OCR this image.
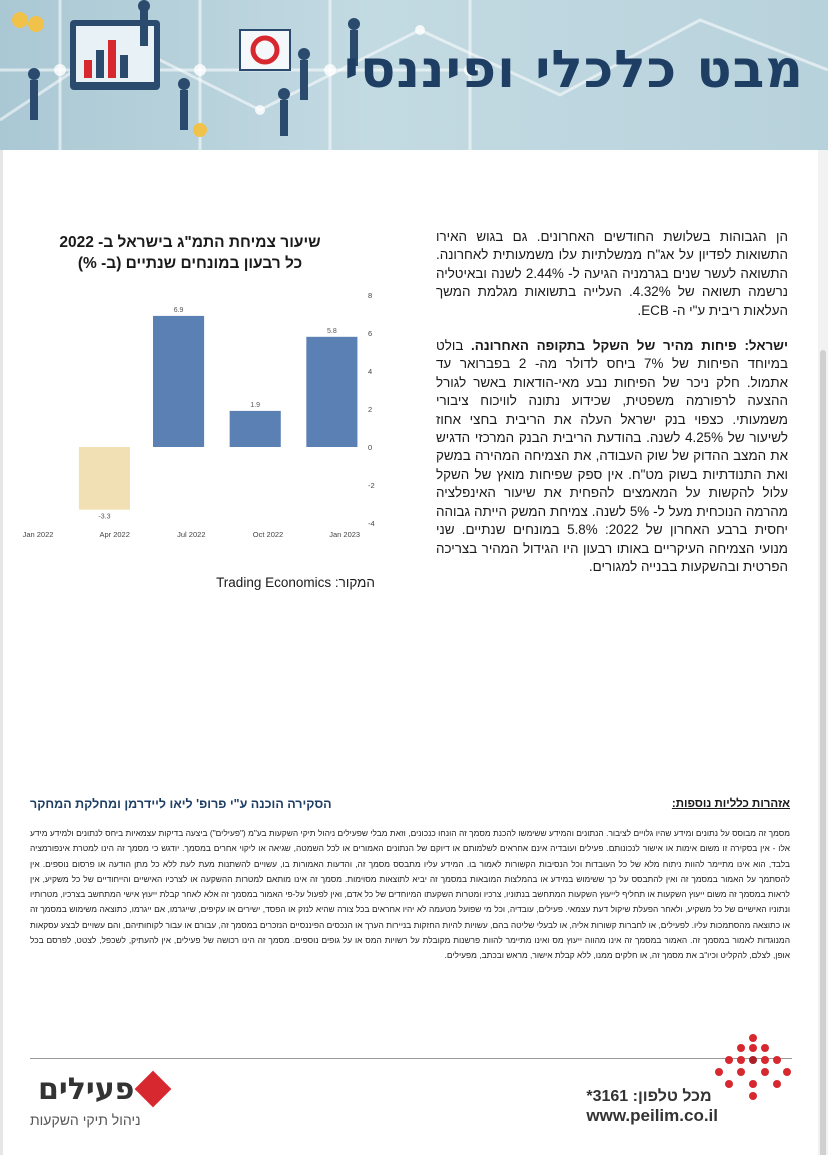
מבט כלכלי ופיננסי

הן הגבוהות בשלושת החודשים האחרונים. גם בגוש האירו התשואות לפדיון על אג"ח ממשלתיות עלו משמעותית לאחרונה. התשואה לעשר שנים בגרמניה הגיעה ל- 2.44% לשנה ובאיטליה נרשמה תשואה של 4.32%. העלייה בתשואות מגלמת המשך העלאות ריבית ע"י ה- ECB.

ישראל: פיחות מהיר של השקל בתקופה האחרונה. בולט במיוחד הפיחות של 7% ביחס לדולר מה- 2 בפברואר עד אתמול. חלק ניכר של הפיחות נבע מאי-הודאות באשר לגורל ההצעה לרפורמה משפטית, שכידוע נתונה לוויכוח ציבורי משמעותי. כצפוי בנק ישראל העלה את הריבית בחצי אחוז לשיעור של 4.25% לשנה. בהודעת הריבית הבנק המרכזי הדגיש את המצב ההדוק של שוק העבודה, את הצמיחה המהירה במשק ואת התנודתיות בשוק מט"ח. אין ספק שפיחות מואץ של השקל עלול להקשות על המאמצים להפחית את שיעור האינפלציה מהרמה הנוכחית מעל ל- 5% לשנה. צמיחת המשק הייתה גבוהה יחסית ברבע האחרון של 2022: 5.8% במונחים שנתיים. שני מנועי הצמיחה העיקריים באותו רבעון היו הגידול המהיר בצריכה הפרטית ובהשקעות בבנייה למגורים.

שיעור צמיחת התמ"ג בישראל ב- 2022
כל רבעון במונחים שנתיים (ב- %)
-3.3
6.9
1.9
5.8
8
6
4
2
0
-2
-4
Jan 2022	Apr 2022	Jul 2022	Oct 2022	Jan 2023
המקור: Trading Economics
אזהרות כלליות נוספות:
הסקירה הוכנה ע"י פרופ' ליאו ליידרמן ומחלקת המחקר
מסמך זה מבוסס על נתונים ומידע שהיו גלויים לציבור. הנתונים והמידע ששימשו להכנת מסמך זה הונחו כנכונים, וזאת מבלי שפעילים ניהול תיקי השקעות בע"מ ("פעילים") ביצעה בדיקות עצמאיות ביחס לנתונים ולמידע מידע אלו - אין בסקירה זו משום אימות או אישור לנכונותם. פעילים ועובדיה אינם אחראים לשלמותם או דיוקם של הנתונים האמורים או לכל השמטה, שגיאה או ליקוי אחרים במסמך. יודגש כי מסמך זה הינו למטרת אינפורמציה בלבד, הוא אינו מתיימר להוות ניתוח מלא של כל העובדות וכל הנסיבות הקשורות לאמור בו. המידע עליו מתבסס מסמך זה, והדעות האמורות בו, עשויים להשתנות מעת לעת ללא כל מתן הודעה או פרסום נוספים. אין להסתמך על האמור במסמך זה ואין להתבסס על כך ששימוש במידע או בהמלצות המובאות במסמך זה יביא לתוצאות מסוימות. מסמך זה אינו מותאם למטרות ההשקעה או לצרכיו האישיים והייחודיים של כל משקיע, אין לראות במסמך זה משום ייעוץ השקעות או תחליף לייעוץ השקעות המתחשב בנתוניו, צרכיו ומטרות השקעתו המיוחדים של כל אדם, ואין לפעול על-פי האמור במסמך זה אלא לאחר קבלת ייעוץ אישי המתחשב בצרכיו, מטרותיו ונתוניו האישיים של כל משקיע, ולאחר הפעלת שיקול דעת עצמאי. פעילים, עובדיה, וכל מי שפועל מטעמה לא יהיו אחראים בכל צורה שהיא לנזק או הפסד, ישירים או עקיפים, שייגרמו, אם ייגרמו, כתוצאה משימוש במסמך זה או כתוצאה מהסתמכות עליו. לפעילים, או לחברות קשורות אליה, או לבעלי שליטה בהם, עשויות להיות החזקות בניירות הערך או הנכסים הפיננסיים הנזכרים במסמך זה, עבורם או עבור לקוחותיהם, והם עשויים לבצע עסקאות המנוגדות לאמור במסמך זה. האמור במסמך זה אינו מהווה ייעוץ מס ואינו מתיימר להוות פרשנות מקובלת על רשויות המס או על גופים נוספים. מסמך זה הינו רכושה של פעילים, אין להעתיק, לשכפל, לצטט, לפרסם בכל אופן, לצלם, להקליט וכיו"ב את מסמך זה, או חלקים ממנו, ללא קבלת אישור, מראש ובכתב, מפעילים.
פעילים
ניהול תיקי השקעות
מכל טלפון: 3161*
www.peilim.co.il
